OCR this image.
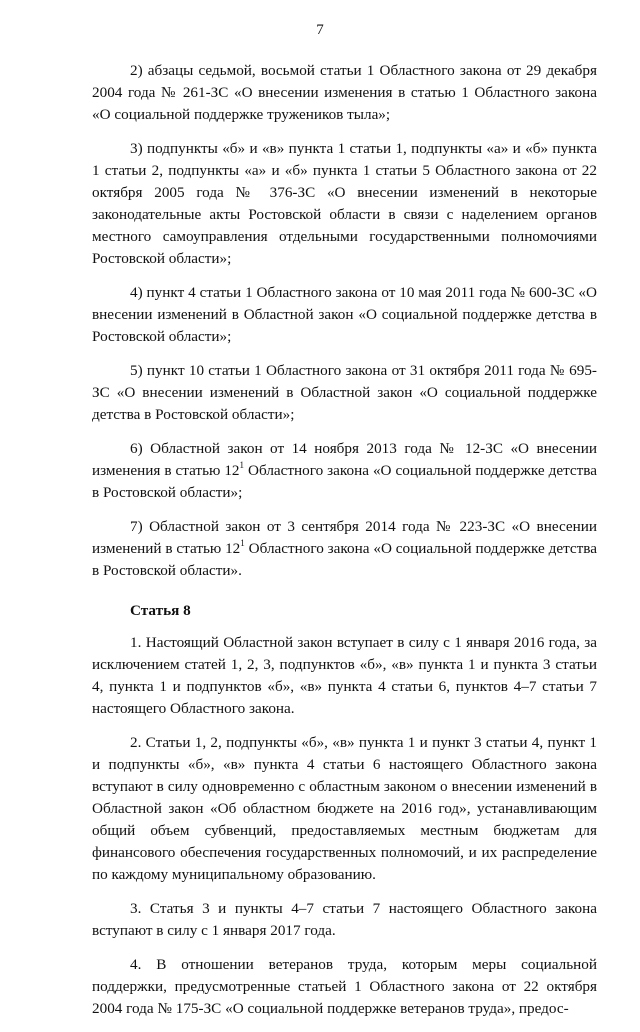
7

2) абзацы седьмой, восьмой статьи 1 Областного закона от 29 декабря 2004 года № 261-ЗС «О внесении изменения в статью 1 Областного закона «О социальной поддержке тружеников тыла»;

3) подпункты «б» и «в» пункта 1 статьи 1, подпункты «а» и «б» пункта 1 статьи 2, подпункты «а» и «б» пункта 1 статьи 5 Областного закона от 22 октября 2005 года № 376-ЗС «О внесении изменений в некоторые законодательные акты Ростовской области в связи с наделением органов местного самоуправления отдельными государственными полномочиями Ростовской области»;

4) пункт 4 статьи 1 Областного закона от 10 мая 2011 года № 600-ЗС «О внесении изменений в Областной закон «О социальной поддержке детства в Ростовской области»;

5) пункт 10 статьи 1 Областного закона от 31 октября 2011 года № 695-ЗС «О внесении изменений в Областной закон «О социальной поддержке детства в Ростовской области»;

6) Областной закон от 14 ноября 2013 года № 12-ЗС «О внесении изменения в статью $12^1$ Областного закона «О социальной поддержке детства в Ростовской области»;

7) Областной закон от 3 сентября 2014 года № 223-ЗС «О внесении изменений в статью $12^1$ Областного закона «О социальной поддержке детства в Ростовской области».

Статья 8

1. Настоящий Областной закон вступает в силу с 1 января 2016 года, за исключением статей 1, 2, 3, подпунктов «б», «в» пункта 1 и пункта 3 статьи 4, пункта 1 и подпунктов «б», «в» пункта 4 статьи 6, пунктов 4–7 статьи 7 настоящего Областного закона.

2. Статьи 1, 2, подпункты «б», «в» пункта 1 и пункт 3 статьи 4, пункт 1 и подпункты «б», «в» пункта 4 статьи 6 настоящего Областного закона вступают в силу одновременно с областным законом о внесении изменений в Областной закон «Об областном бюджете на 2016 год», устанавливающим общий объем субвенций, предоставляемых местным бюджетам для финансового обеспечения государственных полномочий, и их распределение по каждому муниципальному образованию.

3. Статья 3 и пункты 4–7 статьи 7 настоящего Областного закона вступают в силу с 1 января 2017 года.

4. В отношении ветеранов труда, которым меры социальной поддержки, предусмотренные статьей 1 Областного закона от 22 октября 2004 года № 175-ЗС «О социальной поддержке ветеранов труда», предос-
